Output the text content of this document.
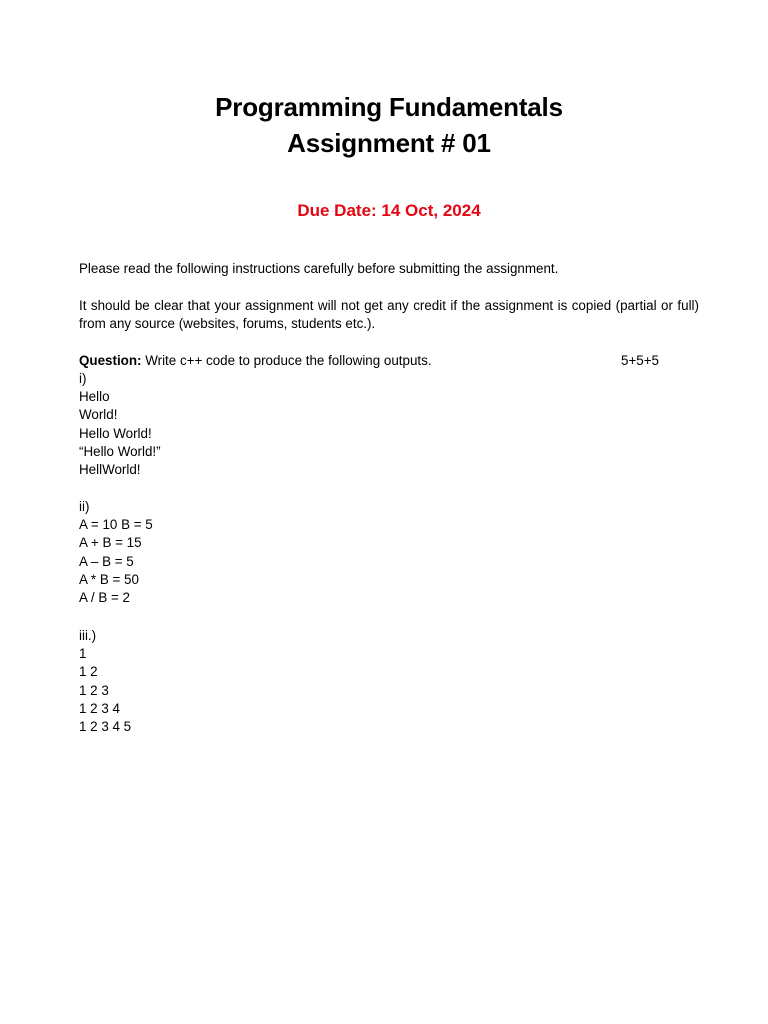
Programming Fundamentals
Assignment # 01
Due Date: 14 Oct, 2024
Please read the following instructions carefully before submitting the assignment.
It should be clear that your assignment will not get any credit if the assignment is copied (partial or full) from any source (websites, forums, students etc.).
Question: Write c++ code to produce the following outputs.	5+5+5
i)
Hello
World!
Hello World!
“Hello World!”
HellWorld!
ii)
A = 10 B = 5
A + B = 15
A – B = 5
A * B = 50
A / B = 2
iii.)
1
1 2
1 2 3
1 2 3 4
1 2 3 4 5
